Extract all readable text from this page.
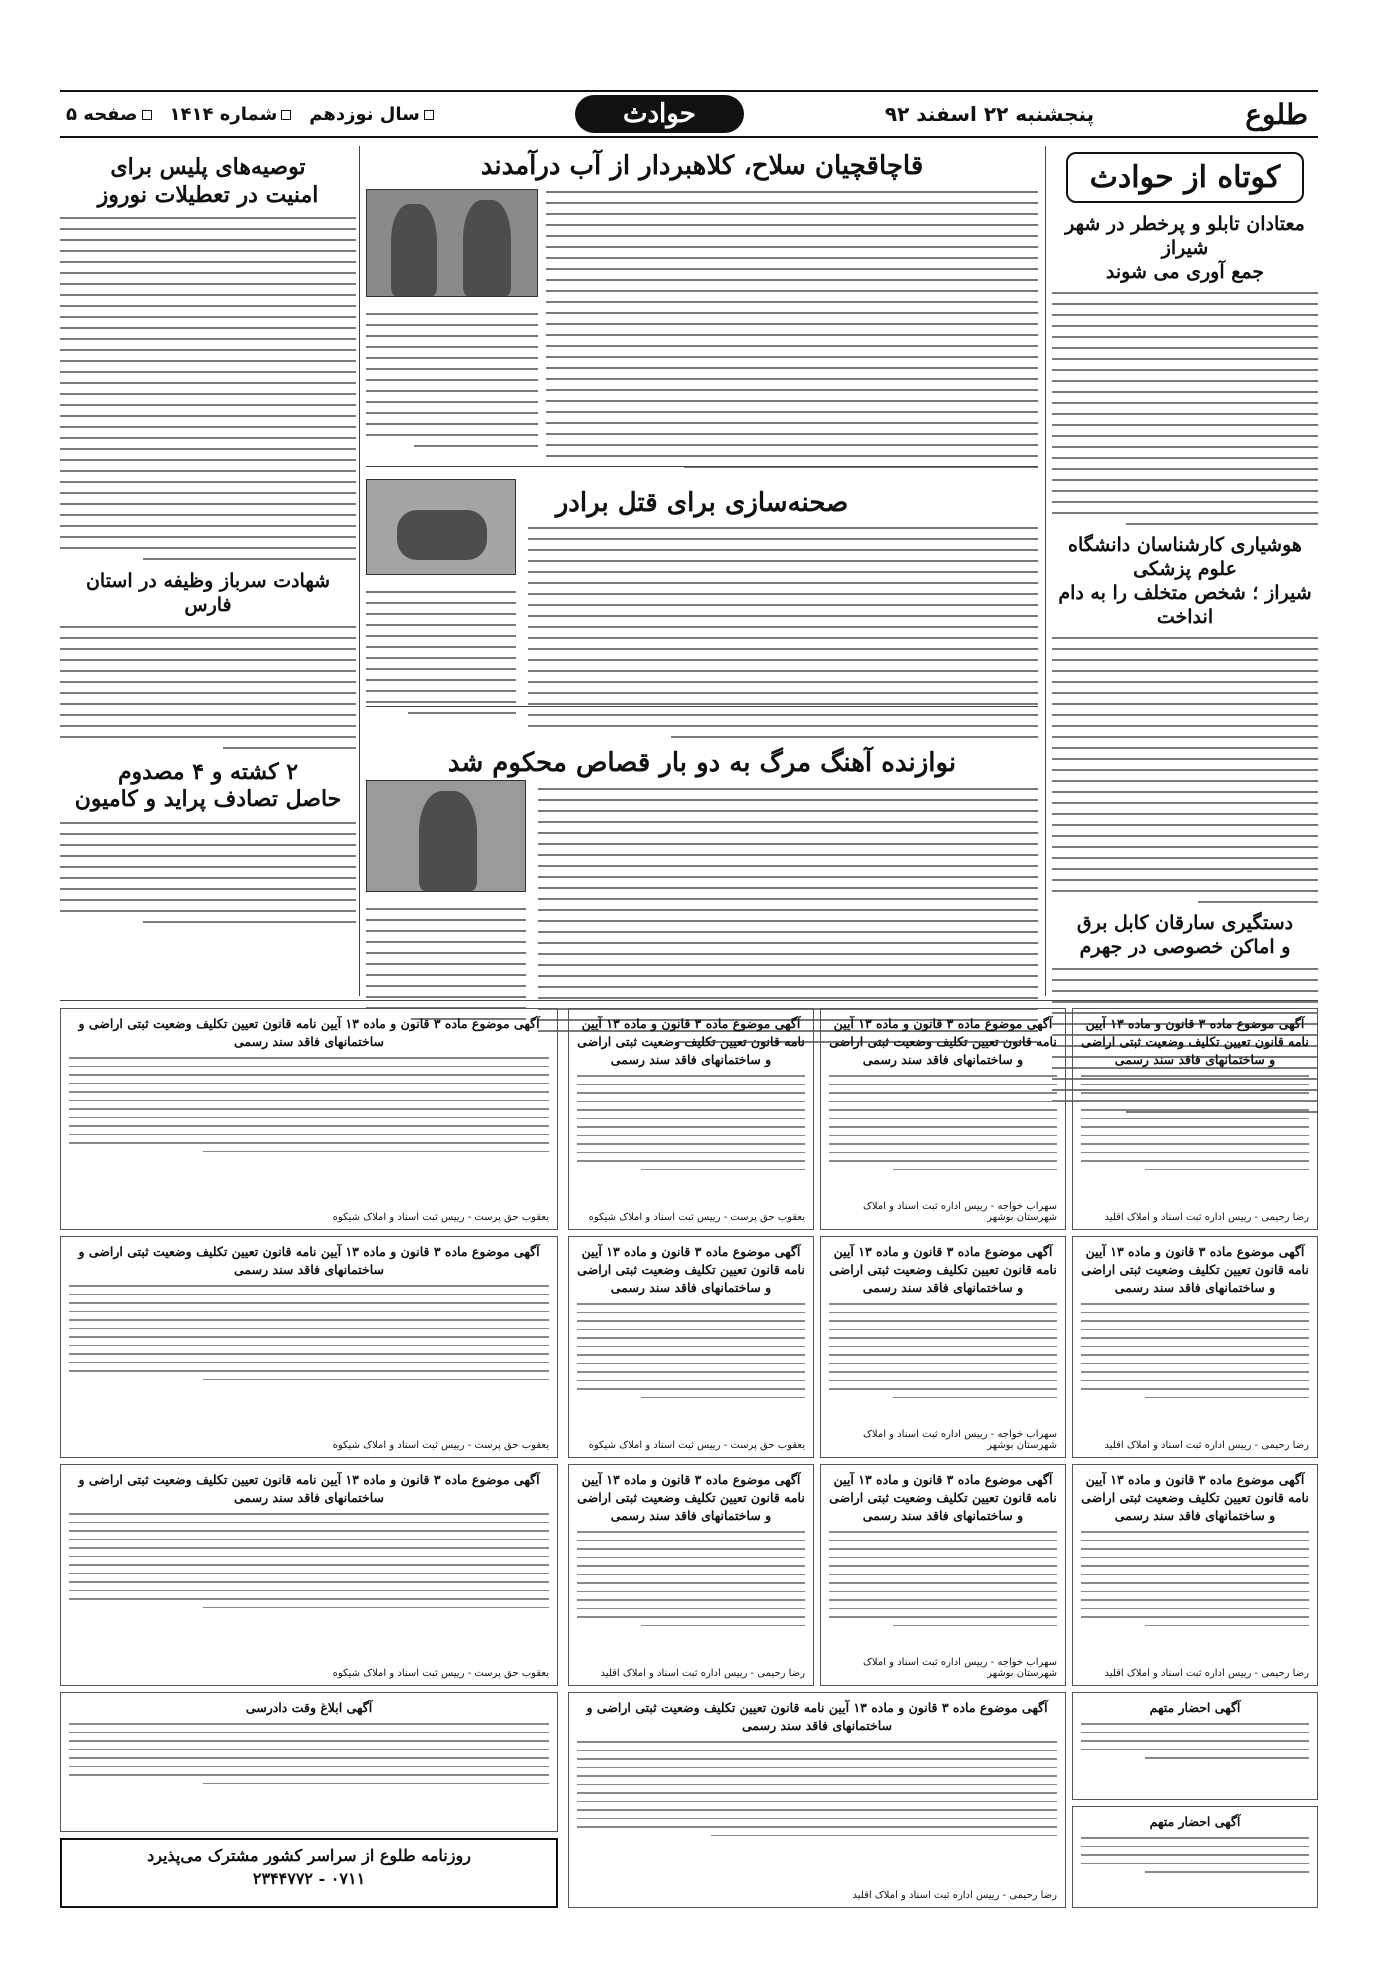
طلوع
پنجشنبه ۲۲ اسفند ۹۲
حوادث
سال نوزدهم
شماره ۱۴۱۴
صفحه ۵
کوتاه از حوادث
معتادان تابلو و پرخطر در شهر شیراز
جمع آوری می شوند
هوشیاری کارشناسان دانشگاه علوم پزشکی
شیراز ؛ شخص متخلف را به دام انداخت
دستگیری سارقان کابل برق
و اماکن خصوصی در جهرم
قاچاقچیان سلاح، کلاهبردار از آب درآمدند
صحنه‌سازی برای قتل برادر
نوازنده آهنگ مرگ به دو بار قصاص محکوم شد
توصیه‌های پلیس برای
امنیت در تعطیلات نوروز
شهادت سرباز وظیفه در استان فارس
۲ کشته و ۴ مصدوم
حاصل تصادف پراید و کامیون
آگهی موضوع ماده ۳ قانون و ماده ۱۳ آیین نامه قانون تعیین تکلیف وضعیت ثبتی اراضی و ساختمانهای فاقد سند رسمی
رضا رحیمی - رییس اداره ثبت اسناد و املاک اقلید
آگهی موضوع ماده ۳ قانون و ماده ۱۳ آیین نامه قانون تعیین تکلیف وضعیت ثبتی اراضی و ساختمانهای فاقد سند رسمی
سهراب خواجه - رییس اداره ثبت اسناد و املاک شهرستان بوشهر
آگهی موضوع ماده ۳ قانون و ماده ۱۳ آیین نامه قانون تعیین تکلیف وضعیت ثبتی اراضی و ساختمانهای فاقد سند رسمی
یعقوب حق پرست - رییس ثبت اسناد و املاک شیکوه
آگهی موضوع ماده ۳ قانون و ماده ۱۳ آیین نامه قانون تعیین تکلیف وضعیت ثبتی اراضی و ساختمانهای فاقد سند رسمی
یعقوب حق پرست - رییس ثبت اسناد و املاک شیکوه
آگهی موضوع ماده ۳ قانون و ماده ۱۳ آیین نامه قانون تعیین تکلیف وضعیت ثبتی اراضی و ساختمانهای فاقد سند رسمی
رضا رحیمی - رییس اداره ثبت اسناد و املاک اقلید
آگهی موضوع ماده ۳ قانون و ماده ۱۳ آیین نامه قانون تعیین تکلیف وضعیت ثبتی اراضی و ساختمانهای فاقد سند رسمی
سهراب خواجه - رییس اداره ثبت اسناد و املاک شهرستان بوشهر
آگهی موضوع ماده ۳ قانون و ماده ۱۳ آیین نامه قانون تعیین تکلیف وضعیت ثبتی اراضی و ساختمانهای فاقد سند رسمی
یعقوب حق پرست - رییس ثبت اسناد و املاک شیکوه
آگهی موضوع ماده ۳ قانون و ماده ۱۳ آیین نامه قانون تعیین تکلیف وضعیت ثبتی اراضی و ساختمانهای فاقد سند رسمی
یعقوب حق پرست - رییس ثبت اسناد و املاک شیکوه
آگهی موضوع ماده ۳ قانون و ماده ۱۳ آیین نامه قانون تعیین تکلیف وضعیت ثبتی اراضی و ساختمانهای فاقد سند رسمی
رضا رحیمی - رییس اداره ثبت اسناد و املاک اقلید
آگهی موضوع ماده ۳ قانون و ماده ۱۳ آیین نامه قانون تعیین تکلیف وضعیت ثبتی اراضی و ساختمانهای فاقد سند رسمی
سهراب خواجه - رییس اداره ثبت اسناد و املاک شهرستان بوشهر
آگهی موضوع ماده ۳ قانون و ماده ۱۳ آیین نامه قانون تعیین تکلیف وضعیت ثبتی اراضی و ساختمانهای فاقد سند رسمی
رضا رحیمی - رییس اداره ثبت اسناد و املاک اقلید
آگهی موضوع ماده ۳ قانون و ماده ۱۳ آیین نامه قانون تعیین تکلیف وضعیت ثبتی اراضی و ساختمانهای فاقد سند رسمی
یعقوب حق پرست - رییس ثبت اسناد و املاک شیکوه
آگهی احضار متهم
آگهی احضار متهم
آگهی موضوع ماده ۳ قانون و ماده ۱۳ آیین نامه قانون تعیین تکلیف وضعیت ثبتی اراضی و ساختمانهای فاقد سند رسمی
رضا رحیمی - رییس اداره ثبت اسناد و املاک اقلید
آگهی ابلاغ وقت دادرسی
روزنامه طلوع از سراسر کشور مشترک می‌پذیرد
۰۷۱۱ - ۲۳۴۴۷۷۲
